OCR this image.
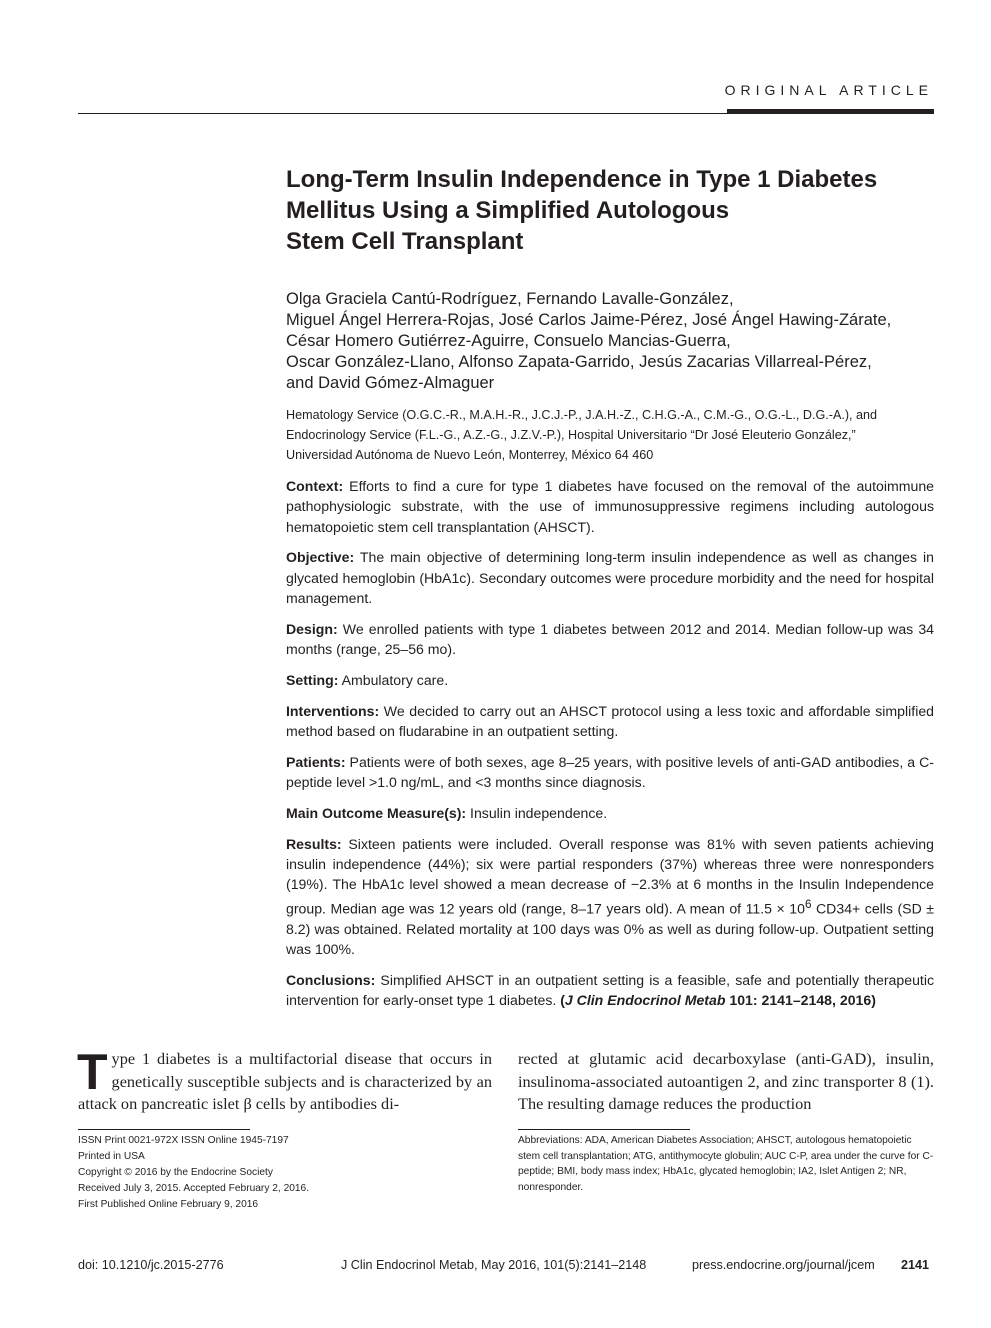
ORIGINAL ARTICLE
Long-Term Insulin Independence in Type 1 Diabetes
Mellitus Using a Simplified Autologous
Stem Cell Transplant
Olga Graciela Cantú-Rodríguez, Fernando Lavalle-González,
Miguel Ángel Herrera-Rojas, José Carlos Jaime-Pérez, José Ángel Hawing-Zárate,
César Homero Gutiérrez-Aguirre, Consuelo Mancias-Guerra,
Oscar González-Llano, Alfonso Zapata-Garrido, Jesús Zacarias Villarreal-Pérez,
and David Gómez-Almaguer
Hematology Service (O.G.C.-R., M.A.H.-R., J.C.J.-P., J.A.H.-Z., C.H.G.-A., C.M.-G., O.G.-L., D.G.-A.), and
Endocrinology Service (F.L.-G., A.Z.-G., J.Z.V.-P.), Hospital Universitario “Dr José Eleuterio González,”
Universidad Autónoma de Nuevo León, Monterrey, México 64 460

Context: Efforts to find a cure for type 1 diabetes have focused on the removal of the autoimmune pathophysiologic substrate, with the use of immunosuppressive regimens including autologous hematopoietic stem cell transplantation (AHSCT).

Objective: The main objective of determining long-term insulin independence as well as changes in glycated hemoglobin (HbA1c). Secondary outcomes were procedure morbidity and the need for hospital management.

Design: We enrolled patients with type 1 diabetes between 2012 and 2014. Median follow-up was 34 months (range, 25–56 mo).

Setting: Ambulatory care.

Interventions: We decided to carry out an AHSCT protocol using a less toxic and affordable simplified method based on fludarabine in an outpatient setting.

Patients: Patients were of both sexes, age 8–25 years, with positive levels of anti-GAD antibodies, a C-peptide level >1.0 ng/mL, and <3 months since diagnosis.

Main Outcome Measure(s): Insulin independence.

Results: Sixteen patients were included. Overall response was 81% with seven patients achieving insulin independence (44%); six were partial responders (37%) whereas three were nonresponders (19%). The HbA1c level showed a mean decrease of −2.3% at 6 months in the Insulin Independence group. Median age was 12 years old (range, 8–17 years old). A mean of $11.5 \times 10^6$ CD34+ cells (SD ± 8.2) was obtained. Related mortality at 100 days was 0% as well as during follow-up. Outpatient setting was 100%.

Conclusions: Simplified AHSCT in an outpatient setting is a feasible, safe and potentially therapeutic intervention for early-onset type 1 diabetes. (J Clin Endocrinol Metab 101: 2141–2148, 2016)

Type 1 diabetes is a multifactorial disease that occurs in genetically susceptible subjects and is characterized by an attack on pancreatic islet β cells by antibodies di-
rected at glutamic acid decarboxylase (anti-GAD), insulin, insulinoma-associated autoantigen 2, and zinc transporter 8 (1). The resulting damage reduces the production
ISSN Print 0021-972X ISSN Online 1945-7197
Printed in USA
Copyright © 2016 by the Endocrine Society
Received July 3, 2015. Accepted February 2, 2016.
First Published Online February 9, 2016
Abbreviations: ADA, American Diabetes Association; AHSCT, autologous hematopoietic stem cell transplantation; ATG, antithymocyte globulin; AUC C-P, area under the curve for C-peptide; BMI, body mass index; HbA1c, glycated hemoglobin; IA2, Islet Antigen 2; NR, nonresponder.
doi: 10.1210/jc.2015-2776	J Clin Endocrinol Metab, May 2016, 101(5):2141–2148	press.endocrine.org/journal/jcem 2141
